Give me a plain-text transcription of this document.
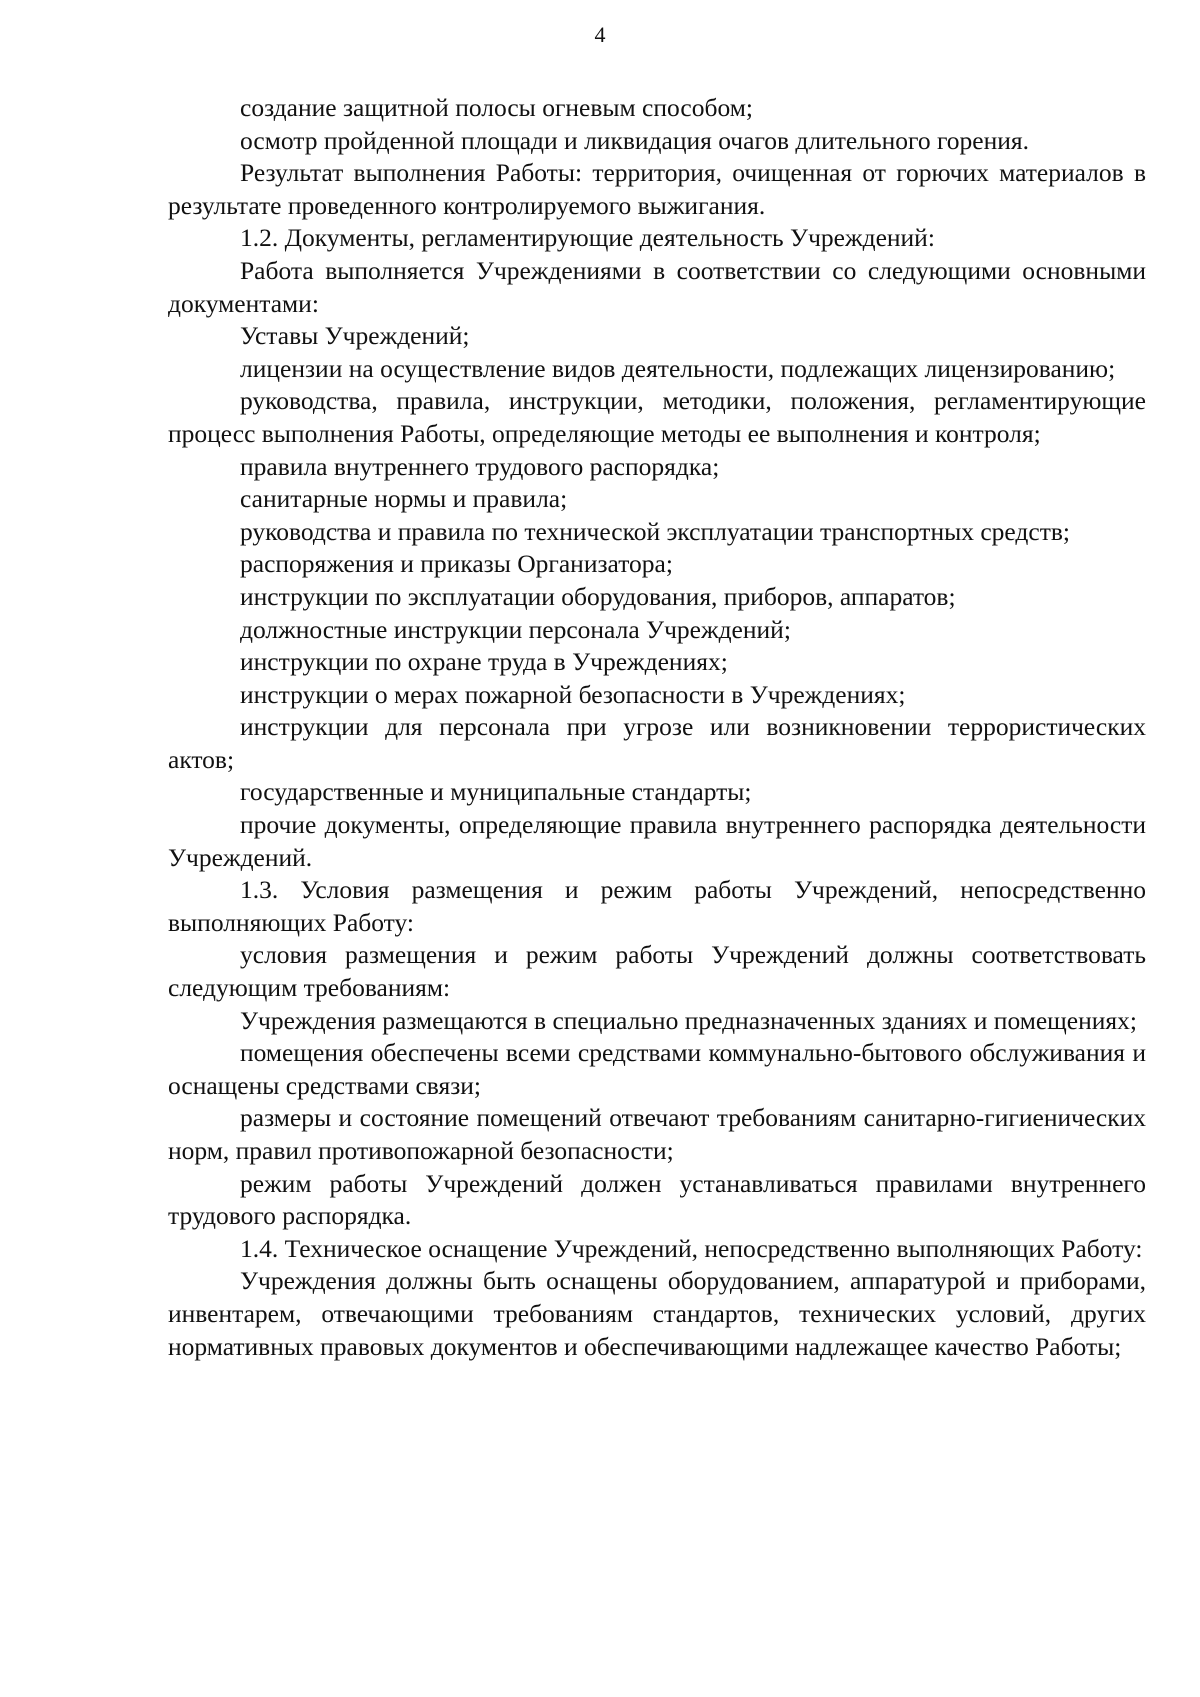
4

создание защитной полосы огневым способом;

осмотр пройденной площади и ликвидация очагов длительного горения.

Результат выполнения Работы: территория, очищенная от горючих материалов в результате проведенного контролируемого выжигания.

1.2. Документы, регламентирующие деятельность Учреждений:

Работа выполняется Учреждениями в соответствии со следующими основными документами:

Уставы Учреждений;

лицензии на осуществление видов деятельности, подлежащих лицензированию;

руководства, правила, инструкции, методики, положения, регламентирующие процесс выполнения Работы, определяющие методы ее выполнения и контроля;

правила внутреннего трудового распорядка;

санитарные нормы и правила;

руководства и правила по технической эксплуатации транспортных средств;

распоряжения и приказы Организатора;

инструкции по эксплуатации оборудования, приборов, аппаратов;

должностные инструкции персонала Учреждений;

инструкции по охране труда в Учреждениях;

инструкции о мерах пожарной безопасности в Учреждениях;

инструкции для персонала при угрозе или возникновении террористических актов;

государственные и муниципальные стандарты;

прочие документы, определяющие правила внутреннего распорядка деятельности Учреждений.

1.3. Условия размещения и режим работы Учреждений, непосредственно выполняющих Работу:

условия размещения и режим работы Учреждений должны соответствовать следующим требованиям:

Учреждения размещаются в специально предназначенных зданиях и помещениях;

помещения обеспечены всеми средствами коммунально-бытового обслуживания и оснащены средствами связи;

размеры и состояние помещений отвечают требованиям санитарно-гигиенических норм, правил противопожарной безопасности;

режим работы Учреждений должен устанавливаться правилами внутреннего трудового распорядка.

1.4. Техническое оснащение Учреждений, непосредственно выполняющих Работу:

Учреждения должны быть оснащены оборудованием, аппаратурой и приборами, инвентарем, отвечающими требованиям стандартов, технических условий, других нормативных правовых документов и обеспечивающими надлежащее качество Работы;
